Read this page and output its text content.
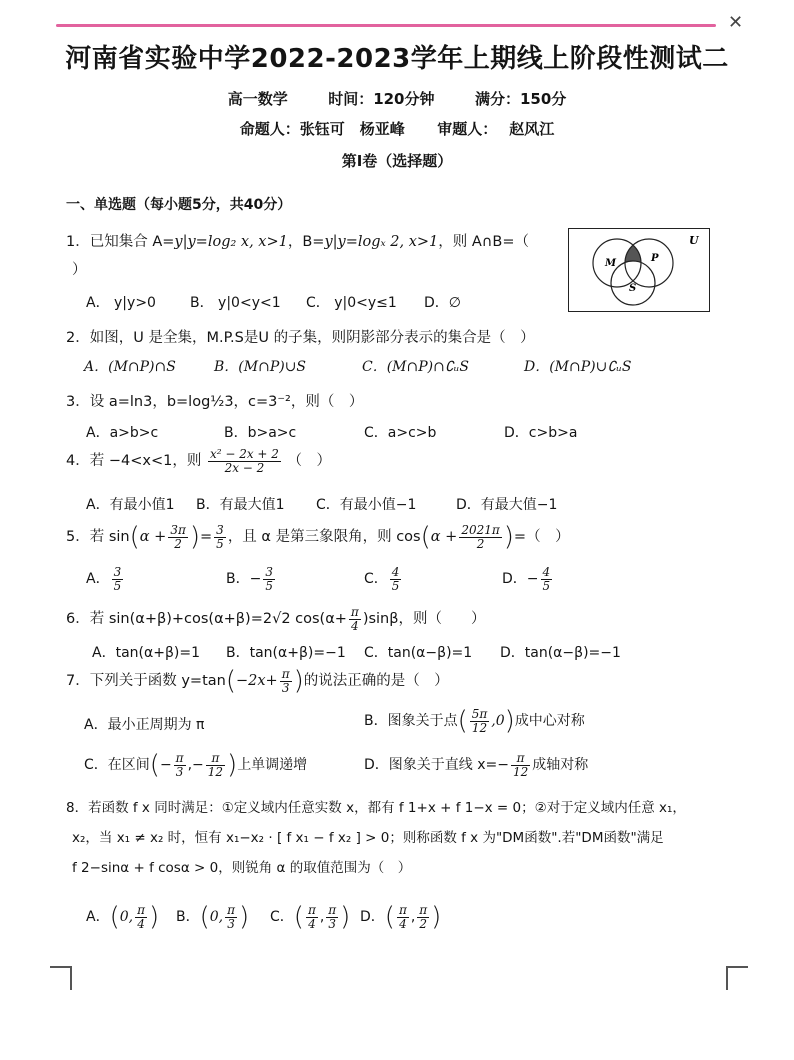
✕
河南省实验中学2022-2023学年上期线上阶段性测试二
高一数学	时间：120分钟	满分：150分
命题人：张钰可　杨亚峰 审题人： 赵风江
第I卷（选择题）
一、单选题（每小题5分，共40分）
1．已知集合 A=y|y=log₂ x, x>1，B=y|y=logₓ 2, x>1，则 A∩B=（
）
U
M	P
S
A． y|y>0 B． y|0<y<1 C． y|0<y≤1 D．∅
2．如图，U 是全集，M.P.S是U 的子集，则阴影部分表示的集合是（　）
A．(M∩P)∩S	B．(M∩P)∪S	C．(M∩P)∩∁ᵤS	D．(M∩P)∪∁ᵤS
3．设 a=ln3，b=log½3，c=3⁻²，则（　）
A．a>b>c	B．b>a>c	C．a>c>b	D．c>b>a
4．若 −4<x<1，则 $\frac{\text{x² − 2x + 2}}{2x - 2}$ （　）
A．有最小值1 B．有最大值1 C．有最小值−1	D．有最大值−1
5．若 $\sin(\alpha + \frac{3\pi}{2}$ )= $\frac{3}{5}$ ，且 α 是第三象限角，则 $\cos(\alpha + \frac{2021\pi}{2}$ )=（　）
A． $\frac{3}{5}$	B．− $\frac{3}{5}$	C． $\frac{4}{5}$	D．− $\frac{4}{5}$
6．若 sin(α+β)+cos(α+β)=2√2 $\cos(\alpha+ \frac{\pi}{4} )\sin\beta$，则（　　）
A．tan(α+β)=1 B．tan(α+β)=−1 C．tan(α−β)=1 D．tan(α−β)=−1
7．下列关于函数 $y=\tan(-2x+ \frac{\pi}{3}$ )的说法正确的是（　）
A．最小正周期为 π	B．图象关于点( $\frac{5\pi}{12} ,0$)成中心对称
C．在区间(− $\frac{\pi}{3}$ ,− $\frac{\pi}{12}$ )上单调递增	D．图象关于直线 $x=- \frac{\pi}{12}$ 成轴对称
8．若函数 f x 同时满足：①定义域内任意实数 x，都有 f 1+x + f 1−x = 0；②对于定义域内任意 x₁，
x₂，当 x₁ ≠ x₂ 时，恒有 x₁−x₂ · [ f x₁ − f x₂ ] > 0；则称函数 f x 为"DM函数".若"DM函数"满足
f 2−sinα + f cosα > 0，则锐角 α 的取值范围为（　）
A．(0, $\frac{\pi}{4}$ ) B．(0, $\frac{\pi}{3}$ ) C．( $\frac{\pi}{4}$ , $\frac{\pi}{3}$ ) D．( $\frac{\pi}{4}$ , $\frac{\pi}{2}$ )
